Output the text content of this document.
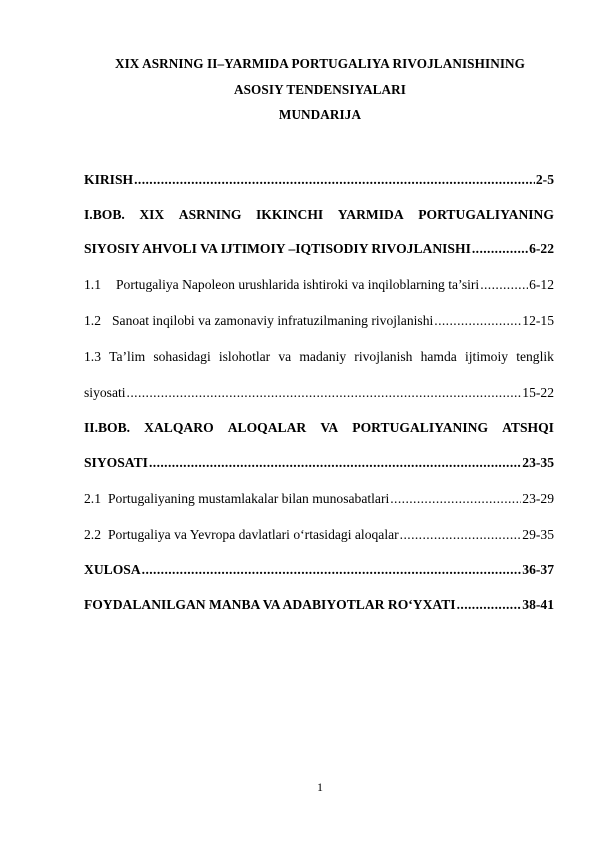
XIX ASRNING II–YARMIDA PORTUGALIYA RIVOJLANISHINING
ASOSIY TENDENSIYALARI
MUNDARIJA
KIRISH .....	2-5
I.BOB. XIX ASRNING IKKINCHI YARMIDA PORTUGALIYANING
SIYOSIY AHVOLI VA IJTIMOIY –IQTISODIY RIVOJLANISHI .....	6-22
1.1 Portugaliya Napoleon urushlarida ishtiroki va inqiloblarning ta’siri .....	6-12
1.2 Sanoat inqilobi va zamonaviy infratuzilmaning rivojlanishi .....	12-15
1.3 Ta’lim sohasidagi islohotlar va madaniy rivojlanish hamda ijtimoiy tenglik
siyosati .....	15-22
II.BOB. XALQARO ALOQALAR VA PORTUGALIYANING ATSHQI
SIYOSATI .....	23-35
2.1 Portugaliyaning mustamlakalar bilan munosabatlari .....	23-29
2.2 Portugaliya va Yevropa davlatlari o‘rtasidagi aloqalar .....	29-35
XULOSA .....	36-37
FOYDALANILGAN MANBA VA ADABIYOTLAR RO‘YXATI .....	38-41
1
